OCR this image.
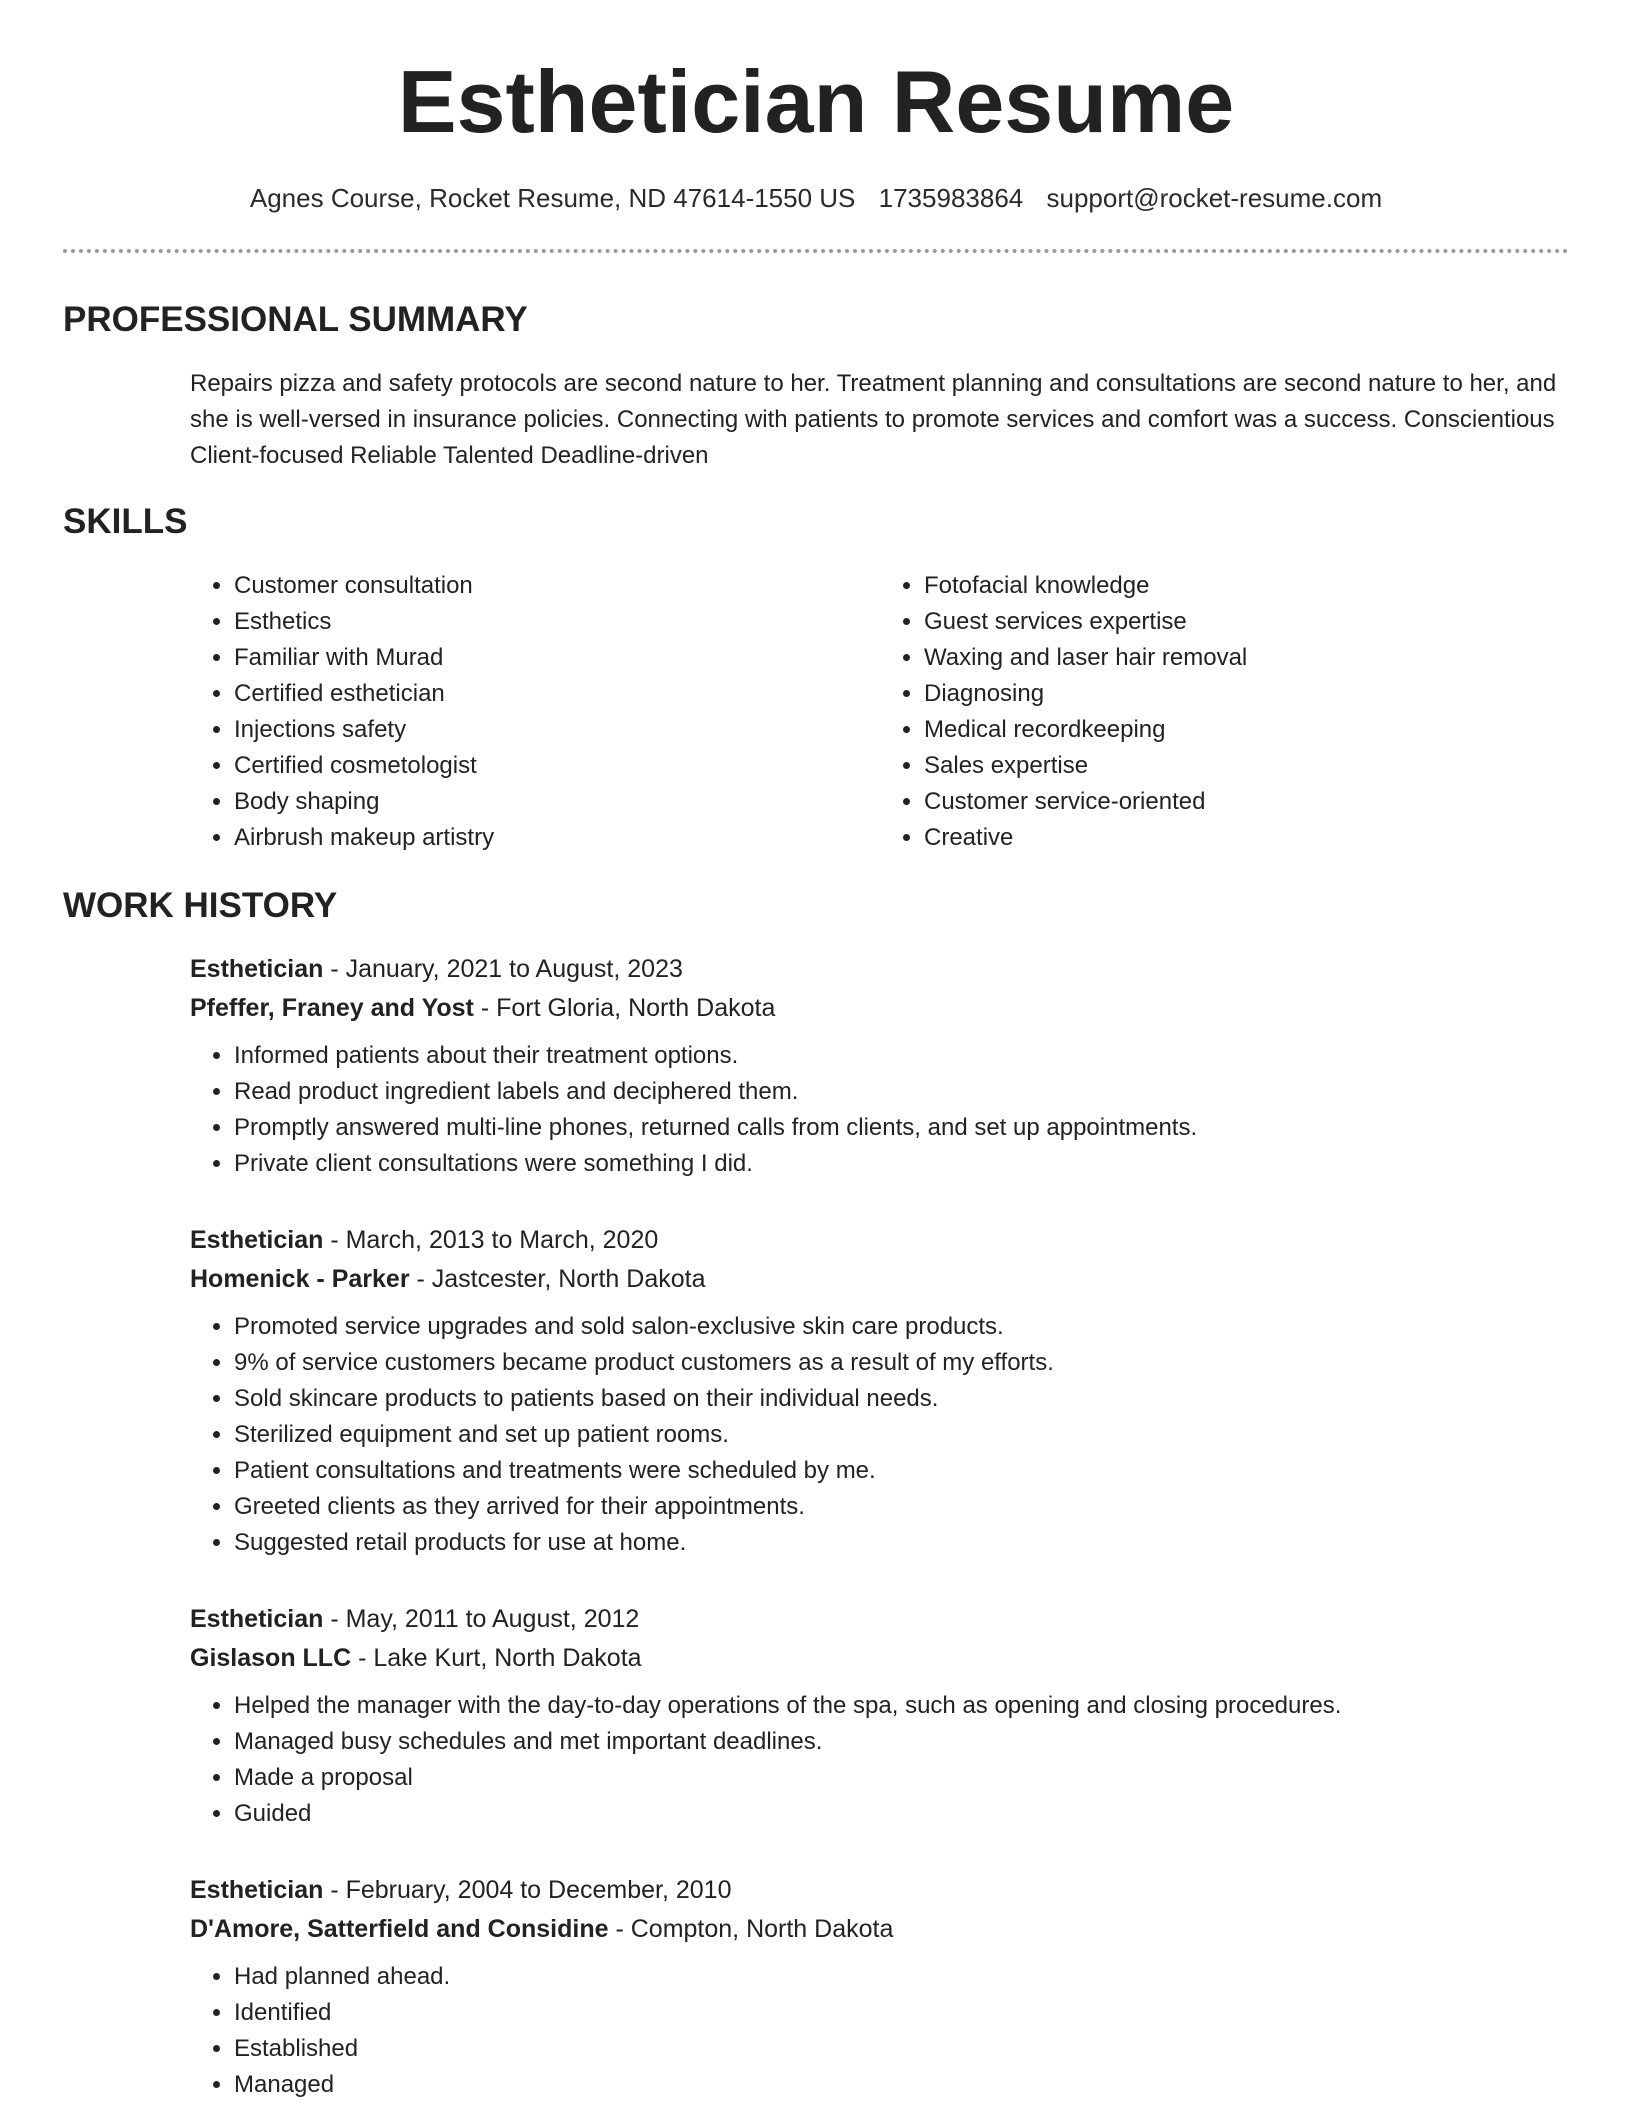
Esthetician Resume
Agnes Course, Rocket Resume, ND 47614-1550 US 1735983864 support@rocket-resume.com
PROFESSIONAL SUMMARY

Repairs pizza and safety protocols are second nature to her. Treatment planning and consultations are second nature to her, and she is well-versed in insurance policies. Connecting with patients to promote services and comfort was a success. Conscientious Client-focused Reliable Talented Deadline-driven

SKILLS
• Customer consultation
• Esthetics
• Familiar with Murad
• Certified esthetician
• Injections safety
• Certified cosmetologist
• Body shaping
• Airbrush makeup artistry
• Fotofacial knowledge
• Guest services expertise
• Waxing and laser hair removal
• Diagnosing
• Medical recordkeeping
• Sales expertise
• Customer service-oriented
• Creative
WORK HISTORY

Esthetician - January, 2021 to August, 2023

Pfeffer, Franey and Yost - Fort Gloria, North Dakota

• Informed patients about their treatment options.
• Read product ingredient labels and deciphered them.
• Promptly answered multi-line phones, returned calls from clients, and set up appointments.
• Private client consultations were something I did.

Esthetician - March, 2013 to March, 2020

Homenick - Parker - Jastcester, North Dakota

• Promoted service upgrades and sold salon-exclusive skin care products.
• 9% of service customers became product customers as a result of my efforts.
• Sold skincare products to patients based on their individual needs.
• Sterilized equipment and set up patient rooms.
• Patient consultations and treatments were scheduled by me.
• Greeted clients as they arrived for their appointments.
• Suggested retail products for use at home.

Esthetician - May, 2011 to August, 2012

Gislason LLC - Lake Kurt, North Dakota

• Helped the manager with the day-to-day operations of the spa, such as opening and closing procedures.
• Managed busy schedules and met important deadlines.
• Made a proposal
• Guided

Esthetician - February, 2004 to December, 2010

D'Amore, Satterfield and Considine - Compton, North Dakota

• Had planned ahead.
• Identified
• Established
• Managed
